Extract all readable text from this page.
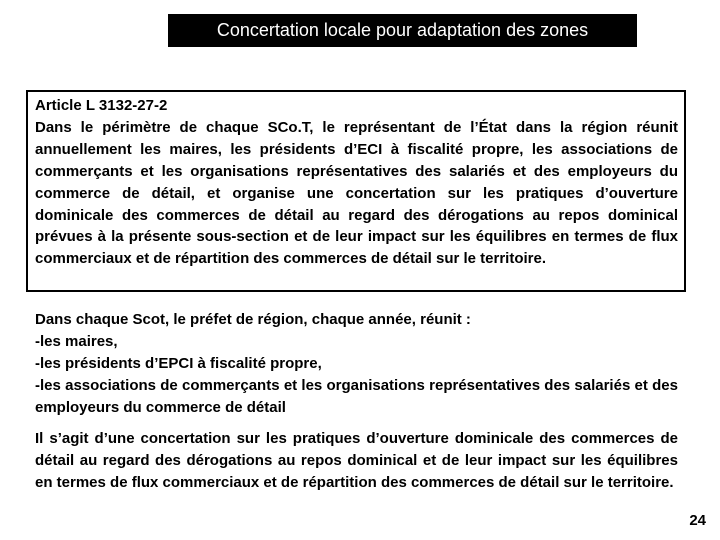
Concertation locale pour adaptation des zones
Article L 3132-27-2
Dans le périmètre de chaque SCo.T, le représentant de l’État dans la région réunit annuellement les maires, les présidents d’ECI à fiscalité propre, les associations de commerçants et les organisations représentatives des salariés et des employeurs du commerce de détail, et organise une concertation sur les pratiques d’ouverture dominicale des commerces de détail au regard des dérogations au repos dominical prévues à la présente sous-section et de leur impact sur les équilibres en termes de flux commerciaux et de répartition des commerces de détail sur le territoire.
Dans chaque Scot, le préfet de région, chaque année, réunit :
-les maires,
-les présidents d’EPCI à fiscalité propre,
-les associations de commerçants et les organisations représentatives des salariés et des employeurs du commerce de détail
Il s’agit d’une concertation sur les pratiques d’ouverture dominicale des commerces de détail au regard des dérogations au repos dominical et de leur impact sur les équilibres en termes de flux commerciaux et de répartition des commerces de détail sur le territoire.
24
